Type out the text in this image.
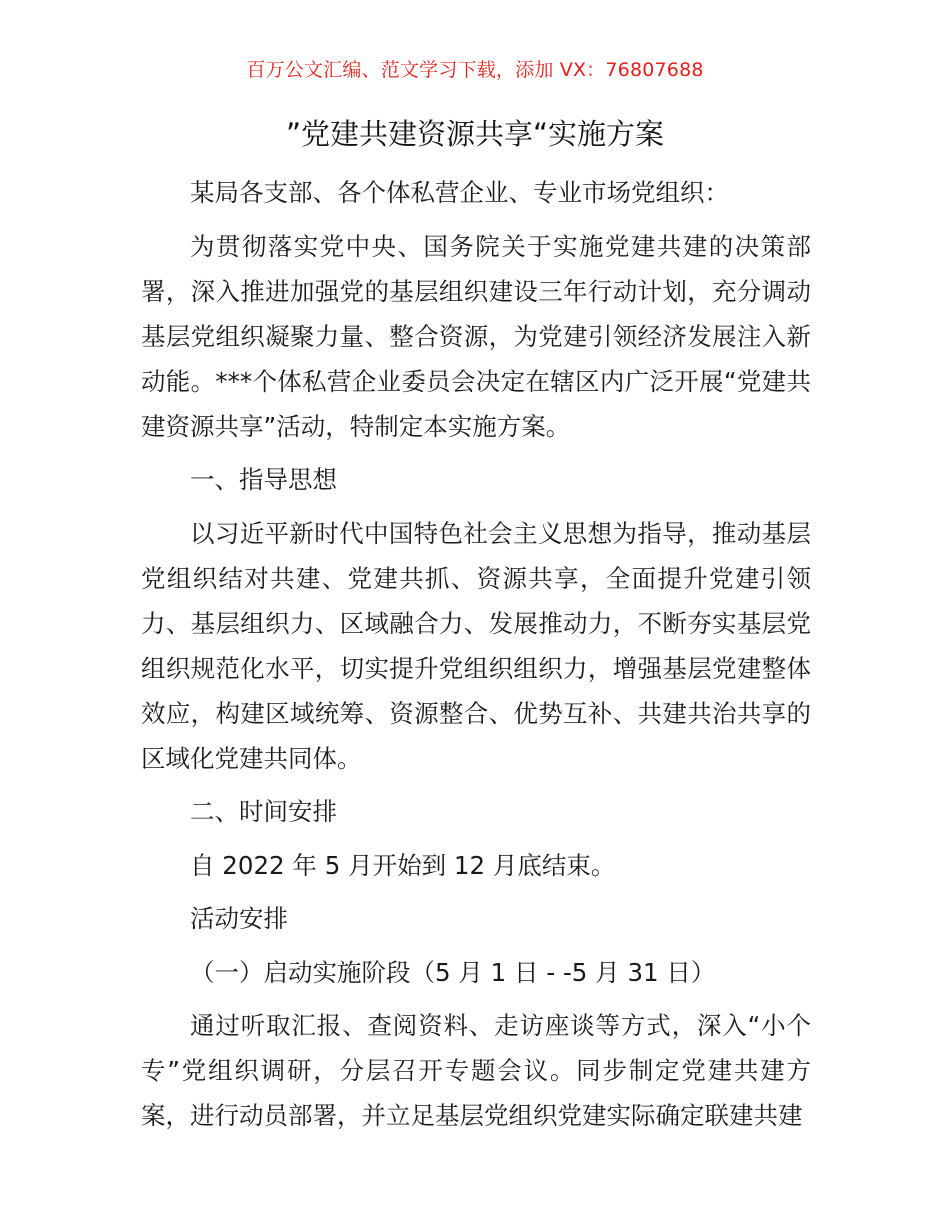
百万公文汇编、范文学习下载，添加 VX：76807688
”党建共建资源共享“实施方案

某局各支部、各个体私营企业、专业市场党组织：

为贯彻落实党中央、国务院关于实施党建共建的决策部署，深入推进加强党的基层组织建设三年行动计划，充分调动基层党组织凝聚力量、整合资源，为党建引领经济发展注入新动能。***个体私营企业委员会决定在辖区内广泛开展“党建共建资源共享”活动，特制定本实施方案。

一、指导思想

以习近平新时代中国特色社会主义思想为指导，推动基层党组织结对共建、党建共抓、资源共享，全面提升党建引领力、基层组织力、区域融合力、发展推动力，不断夯实基层党组织规范化水平，切实提升党组织组织力，增强基层党建整体效应，构建区域统筹、资源整合、优势互补、共建共治共享的区域化党建共同体。

二、时间安排

自 2022 年 5 月开始到 12 月底结束。

活动安排

（一）启动实施阶段（5 月 1 日 - -5 月 31 日）

通过听取汇报、查阅资料、走访座谈等方式，深入“小个专”党组织调研，分层召开专题会议。同步制定党建共建方案，进行动员部署，并立足基层党组织党建实际确定联建共建
